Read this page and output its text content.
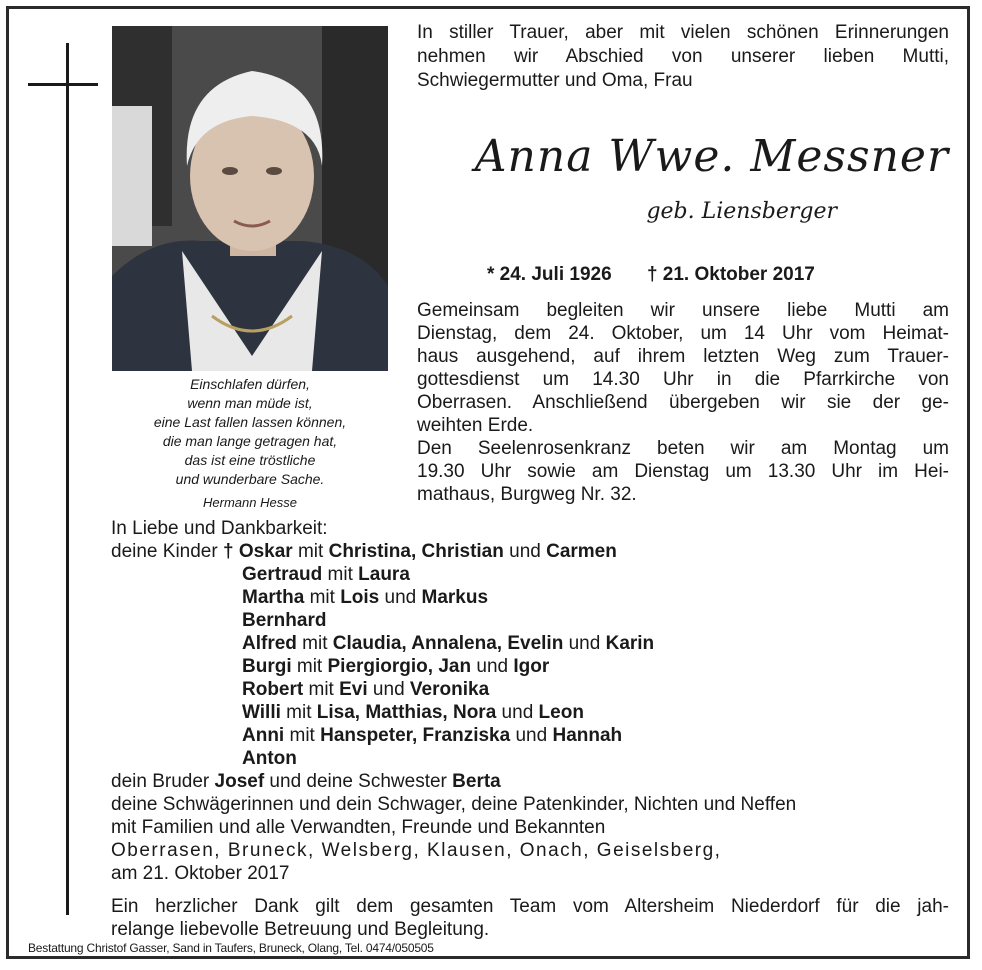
Einschlafen dürfen,
wenn man müde ist,
eine Last fallen lassen können,
die man lange getragen hat,
das ist eine tröstliche
und wunderbare Sache.
Hermann Hesse
In stiller Trauer, aber mit vielen schönen Erinnerungen
nehmen wir Abschied von unserer lieben Mutti,
Schwiegermutter und Oma, Frau
Anna Wwe. Messner
geb. Liensberger
* 24. Juli 1926 † 21. Oktober 2017
Gemeinsam begleiten wir unsere liebe Mutti am
Dienstag, dem 24. Oktober, um 14 Uhr vom Heimat-
haus ausgehend, auf ihrem letzten Weg zum Trauer-
gottesdienst um 14.30 Uhr in die Pfarrkirche von
Oberrasen. Anschließend übergeben wir sie der ge-
weihten Erde.
Den Seelenrosenkranz beten wir am Montag um
19.30 Uhr sowie am Dienstag um 13.30 Uhr im Hei-
mathaus, Burgweg Nr. 32.
In Liebe und Dankbarkeit:
deine Kinder † Oskar mit Christina, Christian und Carmen
Gertraud mit Laura
Martha mit Lois und Markus
Bernhard
Alfred mit Claudia, Annalena, Evelin und Karin
Burgi mit Piergiorgio, Jan und Igor
Robert mit Evi und Veronika
Willi mit Lisa, Matthias, Nora und Leon
Anni mit Hanspeter, Franziska und Hannah
Anton
dein Bruder Josef und deine Schwester Berta
deine Schwägerinnen und dein Schwager, deine Patenkinder, Nichten und Neffen
mit Familien und alle Verwandten, Freunde und Bekannten
Oberrasen, Bruneck, Welsberg, Klausen, Onach, Geiselsberg,
am 21. Oktober 2017
Ein herzlicher Dank gilt dem gesamten Team vom Altersheim Niederdorf für die jah-
relange liebevolle Betreuung und Begleitung.
Bestattung Christof Gasser, Sand in Taufers, Bruneck, Olang, Tel. 0474/050505
